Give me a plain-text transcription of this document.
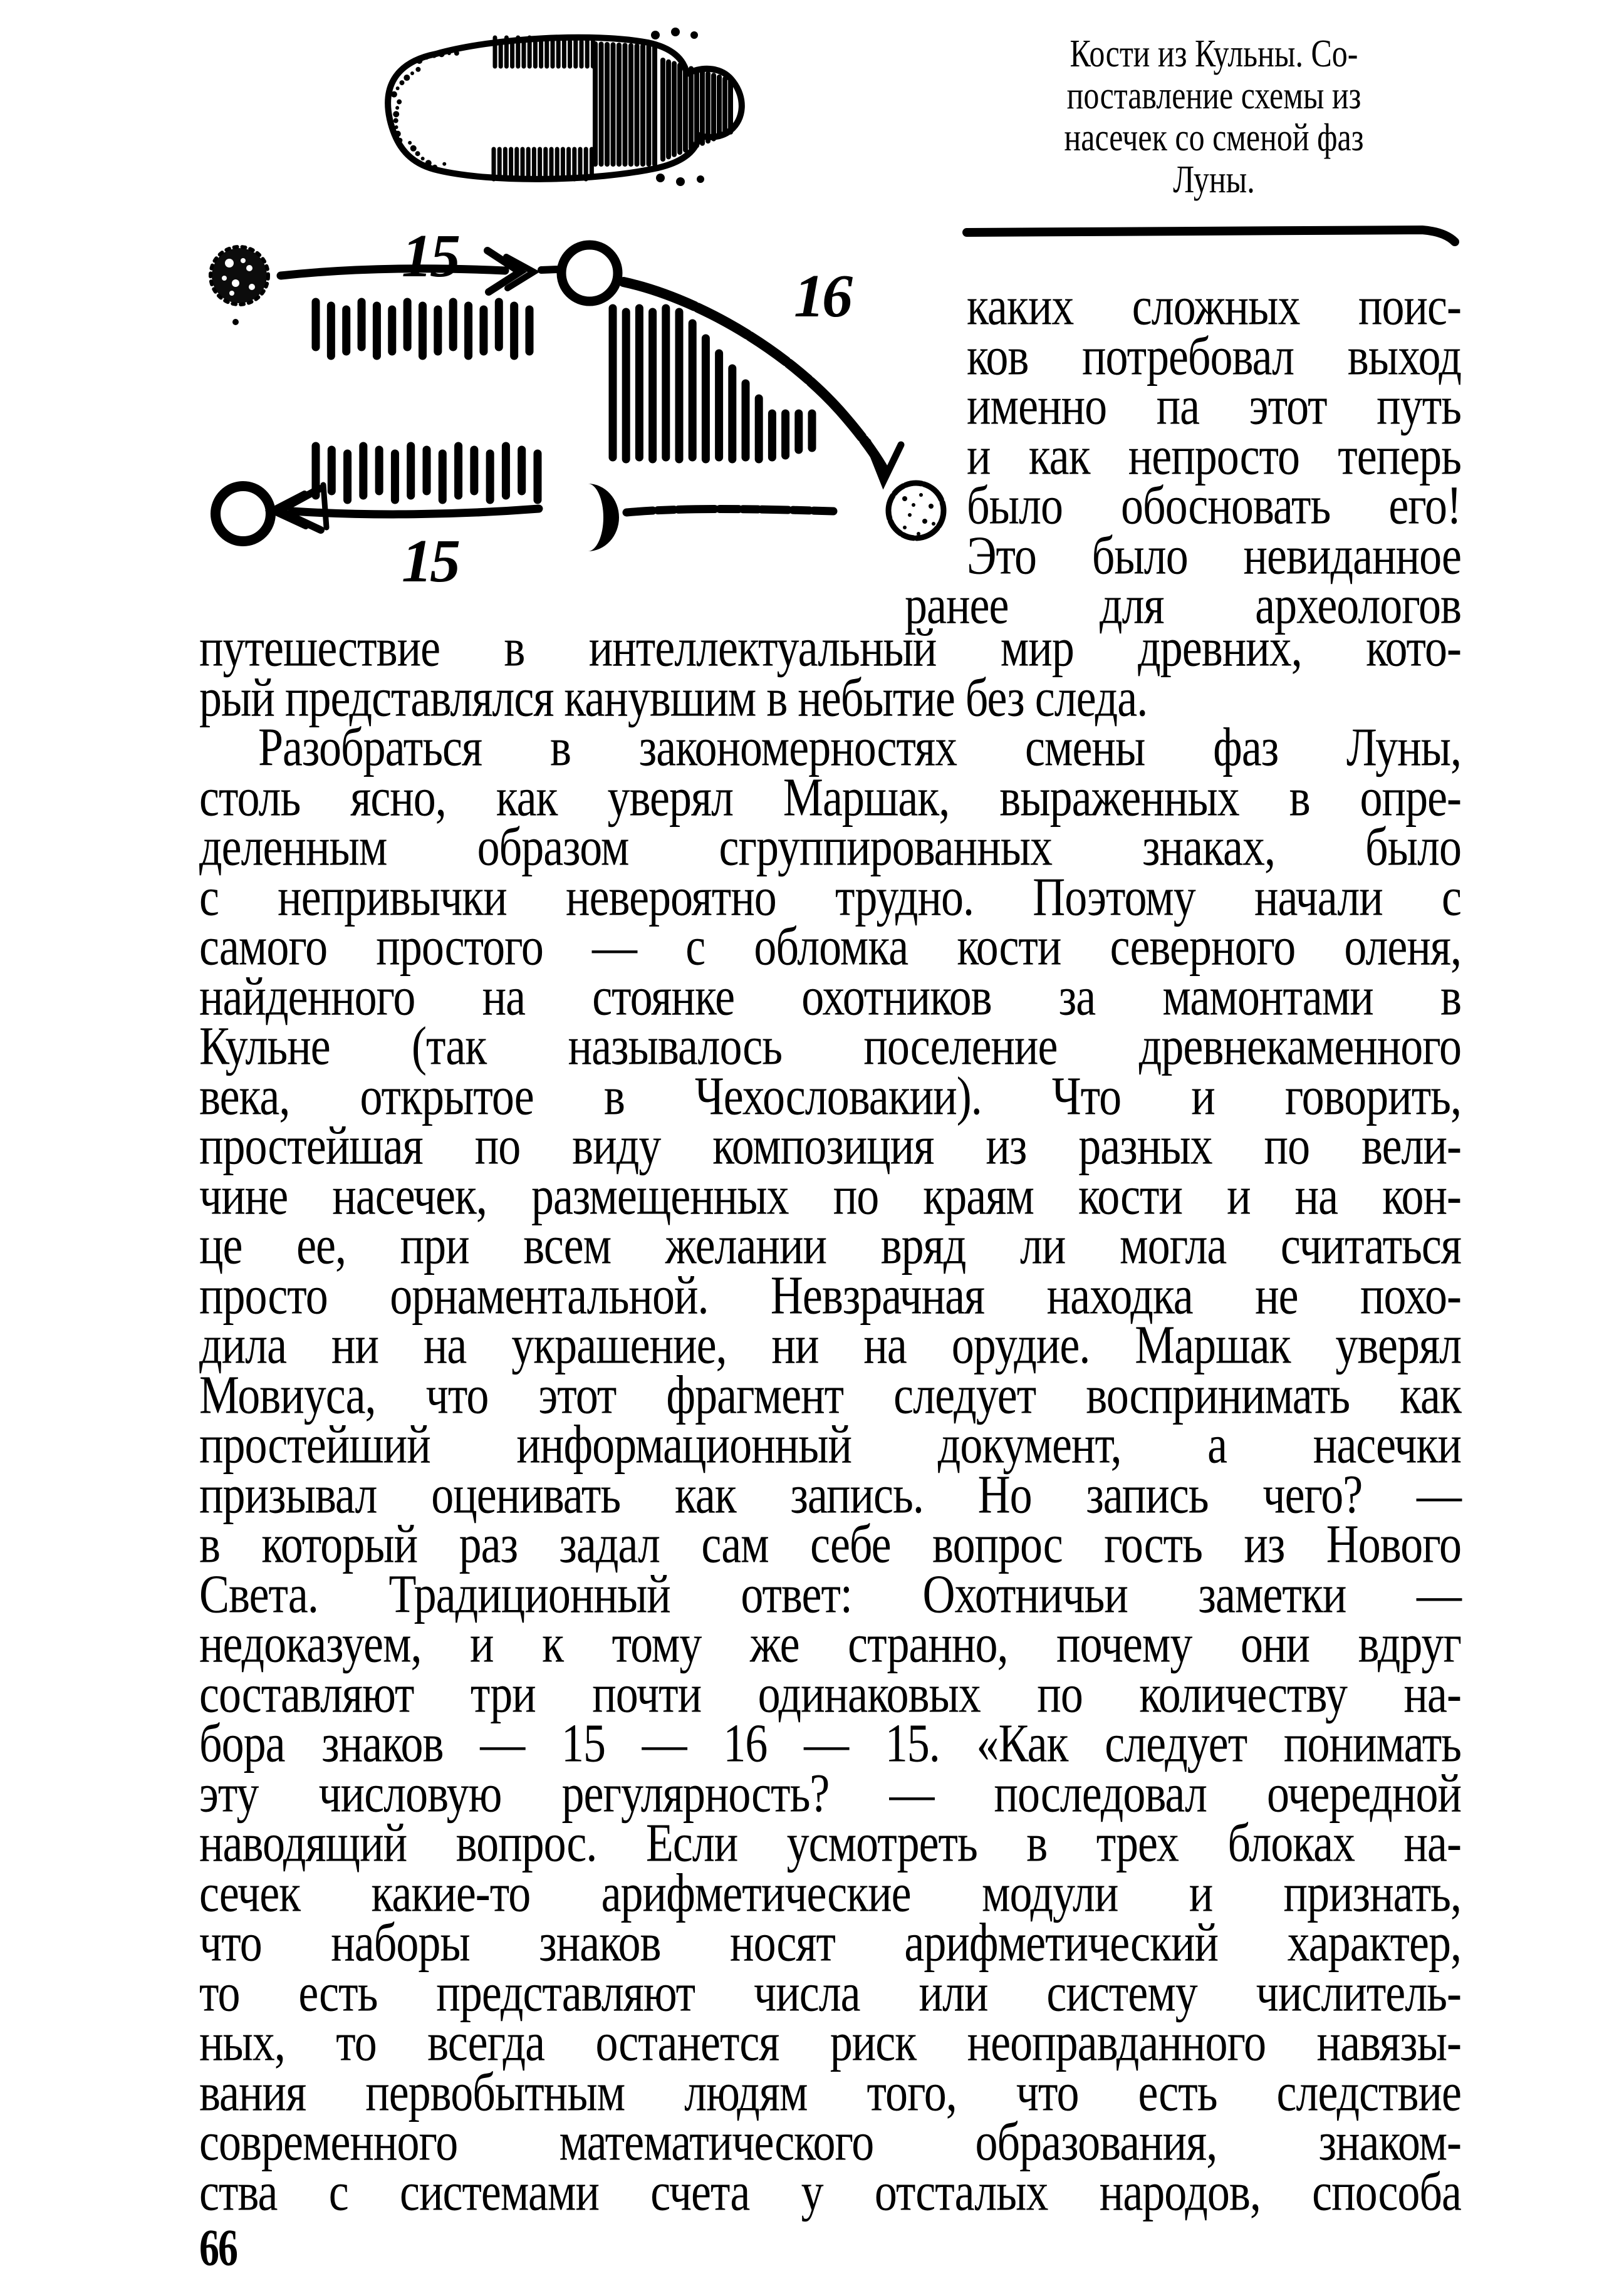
15
16
15
Кости из Кульны. Со-
поставление схемы из
насечек со сменой фаз
Луны.
каких сложных поис-
ков потребовал выход
именно па этот путь
и как непросто теперь
было обосновать его!
Это было невиданное
ранее для археологов
путешествие в интеллектуальный мир древних, кото-
рый представлялся канувшим в небытие без следа.
Разобраться в закономерностях смены фаз Луны,
столь ясно, как уверял Маршак, выраженных в опре-
деленным образом сгруппированных знаках, было
с непривычки невероятно трудно. Поэтому начали с
самого простого — с обломка кости северного оленя,
найденного на стоянке охотников за мамонтами в
Кульне (так называлось поселение древнекаменного
века, открытое в Чехословакии). Что и говорить,
простейшая по виду композиция из разных по вели-
чине насечек, размещенных по краям кости и на кон-
це ее, при всем желании вряд ли могла считаться
просто орнаментальной. Невзрачная находка не похо-
дила ни на украшение, ни на орудие. Маршак уверял
Мовиуса, что этот фрагмент следует воспринимать как
простейший информационный документ, а насечки
призывал оценивать как запись. Но запись чего? —
в который раз задал сам себе вопрос гость из Нового
Света. Традиционный ответ: Охотничьи заметки —
недоказуем, и к тому же странно, почему они вдруг
составляют три почти одинаковых по количеству на-
бора знаков — 15 — 16 — 15. «Как следует понимать
эту числовую регулярность? — последовал очередной
наводящий вопрос. Если усмотреть в трех блоках на-
сечек какие-то арифметические модули и признать,
что наборы знаков носят арифметический характер,
то есть представляют числа или систему числитель-
ных, то всегда останется риск неоправданного навязы-
вания первобытным людям того, что есть следствие
современного математического образования, знаком-
ства с системами счета у отсталых народов, способа
66
